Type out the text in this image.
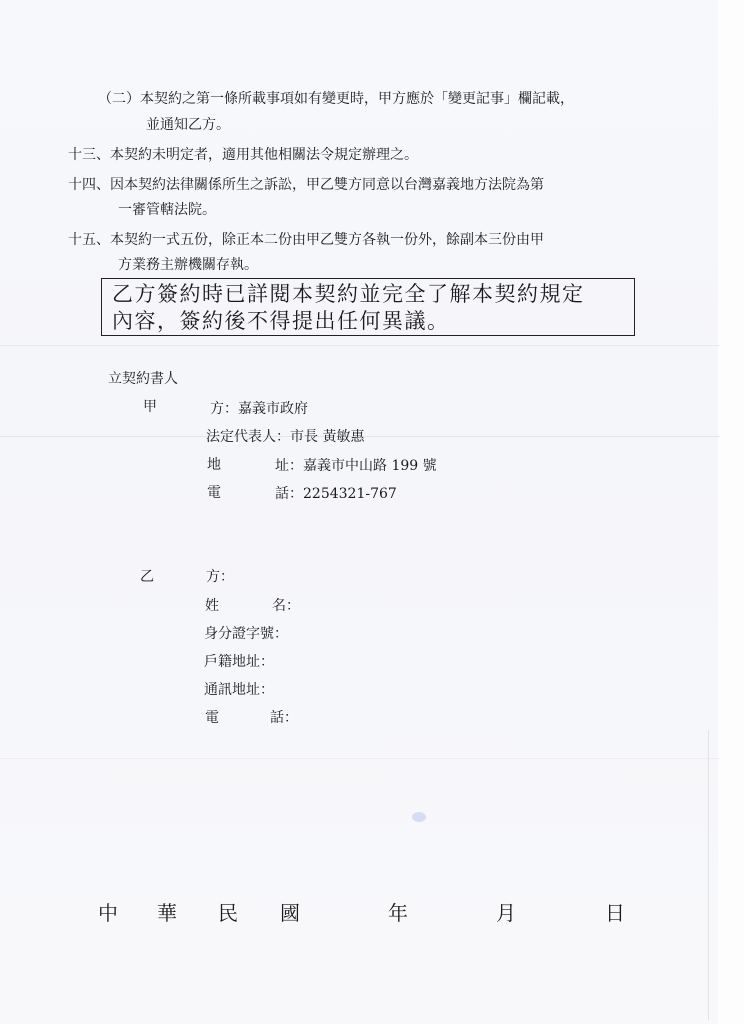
（二）本契約之第一條所載事項如有變更時，甲方應於「變更記事」欄記載，
並通知乙方。
十三、本契約未明定者，適用其他相關法令規定辦理之。
十四、因本契約法律關係所生之訴訟，甲乙雙方同意以台灣嘉義地方法院為第
一審管轄法院。
十五、本契約一式五份，除正本二份由甲乙雙方各執一份外，餘副本三份由甲
方業務主辦機關存執。

乙方簽約時已詳閱本契約並完全了解本契約規定

內容，簽約後不得提出任何異議。

立契約書人
甲	方：嘉義市政府
法定代表人：市長 黃敏惠
地	址：嘉義市中山路 199 號
電	話：2254321-767
乙	方：
姓	名：
身分證字號：
戶籍地址：
通訊地址：
電	話：
中 華 民 國	年	月	日
